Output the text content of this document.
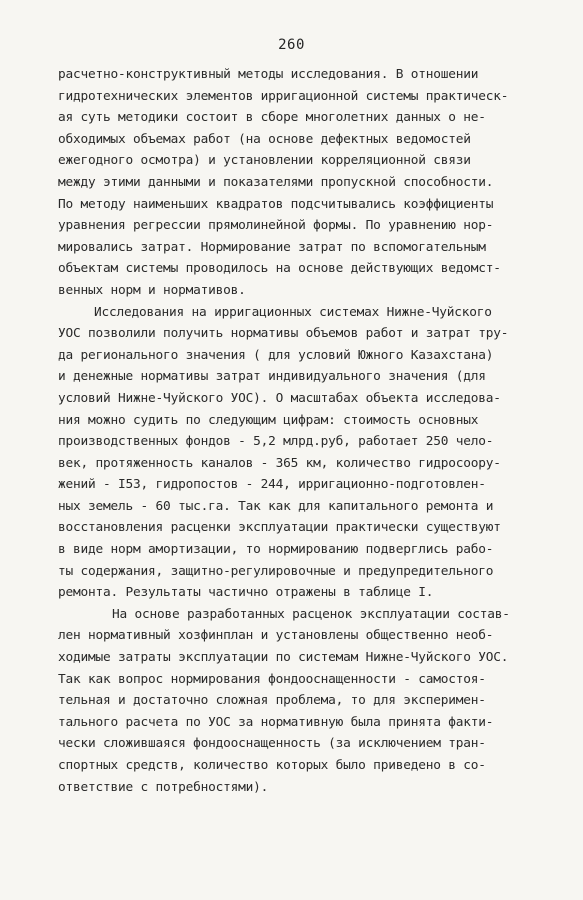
260
расчетно-конструктивный методы исследования. В отношении
гидротехнических элементов ирригационной системы практическ-
ая суть методики состоит в сборе многолетних данных о не-
обходимых объемах работ (на основе дефектных ведомостей
ежегодного осмотра) и установлении корреляционной связи
между этими данными и показателями пропускной способности.
По методу наименьших квадратов подсчитывались коэффициенты
уравнения регрессии прямолинейной формы. По уравнению нор-
мировались затрат. Нормирование затрат по вспомогательным
объектам системы проводилось на основе действующих ведомст-
венных норм и нормативов.
Исследования на ирригационных системах Нижне-Чуйского
УОС позволили получить нормативы объемов работ и затрат тру-
да регионального значения ( для условий Южного Казахстана)
и денежные нормативы затрат индивидуального значения (для
условий Нижне-Чуйского УОС). О масштабах объекта исследова-
ния можно судить по следующим цифрам: стоимость основных
производственных фондов - 5,2 млрд.руб, работает 250 чело-
век, протяженность каналов - 365 км, количество гидросоору-
жений - I53, гидропостов - 244, ирригационно-подготовлен-
ных земель - 60 тыс.га. Так как для капитального ремонта и
восстановления расценки эксплуатации практически существуют
в виде норм амортизации, то нормированию подверглись рабо-
ты содержания, защитно-регулировочные и предупредительного
ремонта. Результаты частично отражены в таблице I.
На основе разработанных расценок эксплуатации состав-
лен нормативный хозфинплан и установлены общественно необ-
ходимые затраты эксплуатации по системам Нижне-Чуйского УОС.
Так как вопрос нормирования фондооснащенности - самостоя-
тельная и достаточно сложная проблема, то для эксперимен-
тального расчета по УОС за нормативную была принята факти-
чески сложившаяся фондооснащенность (за исключением тран-
спортных средств, количество которых было приведено в со-
ответствие с потребностями).
